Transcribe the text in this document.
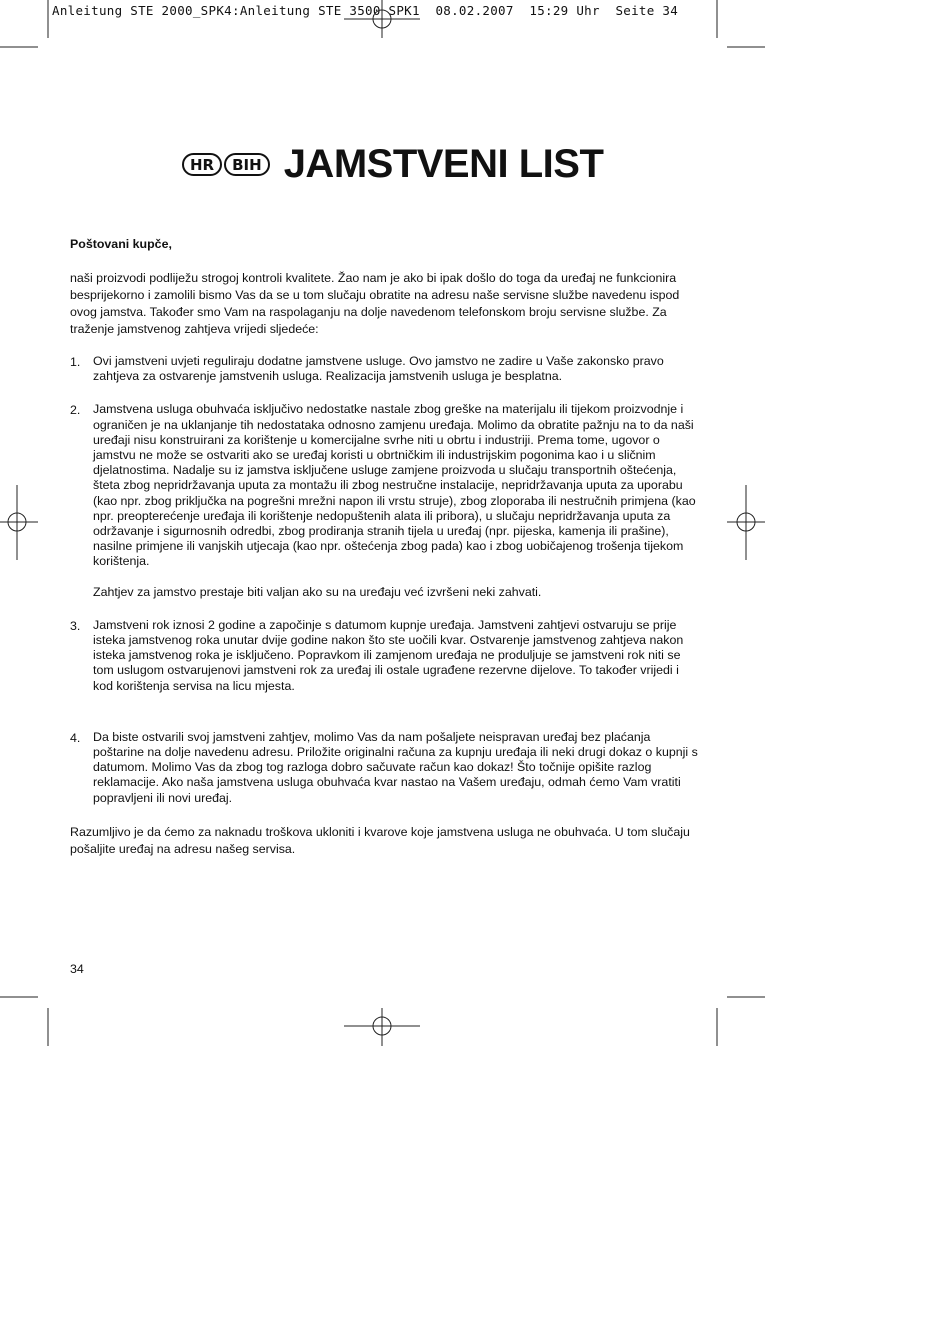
Anleitung STE 2000_SPK4:Anleitung STE 3500 SPK1  08.02.2007  15:29 Uhr  Seite 34
HR	BIH JAMSTVENI LIST

Poštovani kupče,

naši proizvodi podliježu strogoj kontroli kvalitete. Žao nam je ako bi ipak došlo do toga da uređaj ne funkcionira besprijekorno i zamolili bismo Vas da se u tom slučaju obratite na adresu naše servisne službe navedenu ispod ovog jamstva. Također smo Vam na raspolaganju na dolje navedenom telefonskom broju servisne službe. Za traženje jamstvenog zahtjeva vrijedi sljedeće:

1. Ovi jamstveni uvjeti reguliraju dodatne jamstvene usluge. Ovo jamstvo ne zadire u Vaše zakonsko pravo zahtjeva za ostvarenje jamstvenih usluga. Realizacija jamstvenih usluga je besplatna.

2. Jamstvena usluga obuhvaća isključivo nedostatke nastale zbog greške na materijalu ili tijekom proizvodnje i ograničen je na uklanjanje tih nedostataka odnosno zamjenu uređaja. Molimo da obratite pažnju na to da naši uređaji nisu konstruirani za korištenje u komercijalne svrhe niti u obrtu i industriji. Prema tome, ugovor o jamstvu ne može se ostvariti ako se uređaj koristi u obrtničkim ili industrijskim pogonima kao i u sličnim djelatnostima. Nadalje su iz jamstva isključene usluge zamjene proizvoda u slučaju transportnih oštećenja, šteta zbog nepridržavanja uputa za montažu ili zbog nestručne instalacije, nepridržavanja uputa za uporabu (kao npr. zbog priključka na pogrešni mrežni napon ili vrstu struje), zbog zloporaba ili nestručnih primjena (kao npr. preopterećenje uređaja ili korištenje nedopuštenih alata ili pribora), u slučaju nepridržavanja uputa za održavanje i sigurnosnih odredbi, zbog prodiranja stranih tijela u uređaj (npr. pijeska, kamenja ili prašine), nasilne primjene ili vanjskih utjecaja (kao npr. oštećenja zbog pada) kao i zbog uobičajenog trošenja tijekom korištenja.

Zahtjev za jamstvo prestaje biti valjan ako su na uređaju već izvršeni neki zahvati.

3. Jamstveni rok iznosi 2 godine a započinje s datumom kupnje uređaja. Jamstveni zahtjevi ostvaruju se prije isteka jamstvenog roka unutar dvije godine nakon što ste uočili kvar. Ostvarenje jamstvenog zahtjeva nakon isteka jamstvenog roka je isključeno. Popravkom ili zamjenom uređaja ne produljuje se jamstveni rok niti se tom uslugom ostvarujenovi jamstveni rok za uređaj ili ostale ugrađene rezervne dijelove. To također vrijedi i kod korištenja servisa na licu mjesta.

4. Da biste ostvarili svoj jamstveni zahtjev, molimo Vas da nam pošaljete neispravan uređaj bez plaćanja poštarine na dolje navedenu adresu. Priložite originalni računa za kupnju uređaja ili neki drugi dokaz o kupnji s datumom. Molimo Vas da zbog tog razloga dobro sačuvate račun kao dokaz! Što točnije opišite razlog reklamacije. Ako naša jamstvena usluga obuhvaća kvar nastao na Vašem uređaju, odmah ćemo Vam vratiti popravljeni ili novi uređaj.

Razumljivo je da ćemo za naknadu troškova ukloniti i kvarove koje jamstvena usluga ne obuhvaća. U tom slučaju pošaljite uređaj na adresu našeg servisa.

34
